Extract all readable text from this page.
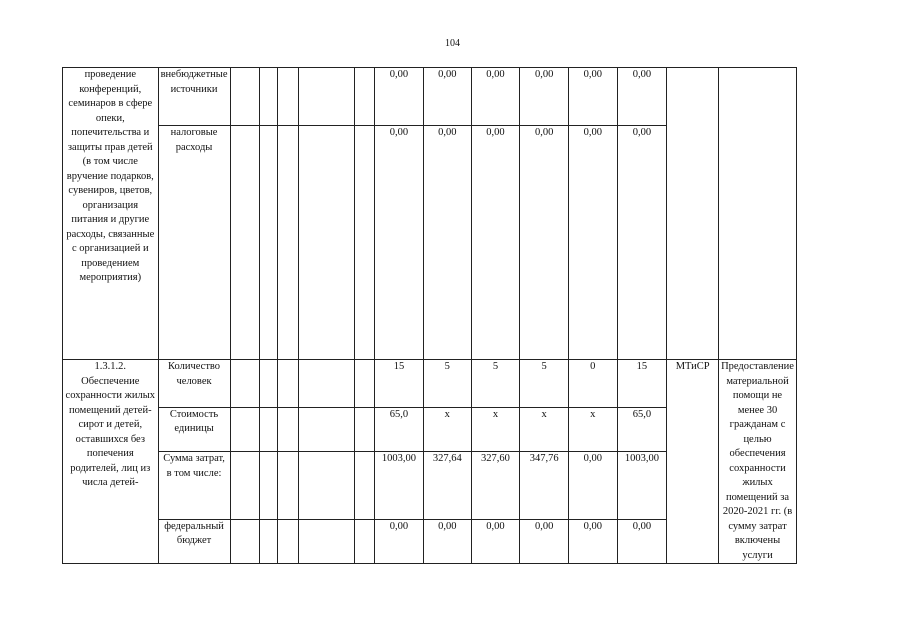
104
проведение конференций, семинаров в сфере опеки, попечительства и защиты прав детей (в том числе вручение подарков, сувениров, цветов, организация питания и другие расходы, связанные с организацией и проведением мероприятия)	внебюджетные источники						0,00	0,00	0,00	0,00	0,00	0,00		
	налоговые расходы						0,00	0,00	0,00	0,00	0,00	0,00		
1.3.1.2. Обеспечение сохранности жилых помещений детей-сирот и детей, оставшихся без попечения родителей, лиц из числа детей-	Количество человек						15	5	5	5	0	15	МТиСР	Предоставление материальной помощи не менее 30 гражданам с целью обеспечения сохранности жилых помещений за 2020-2021 гг. (в сумму затрат включены услуги
	Стоимость единицы						65,0	х	х	х	х	65,0		
	Сумма затрат, в том числе:						1003,00	327,64	327,60	347,76	0,00	1003,00		
	федеральный бюджет						0,00	0,00	0,00	0,00	0,00	0,00		
